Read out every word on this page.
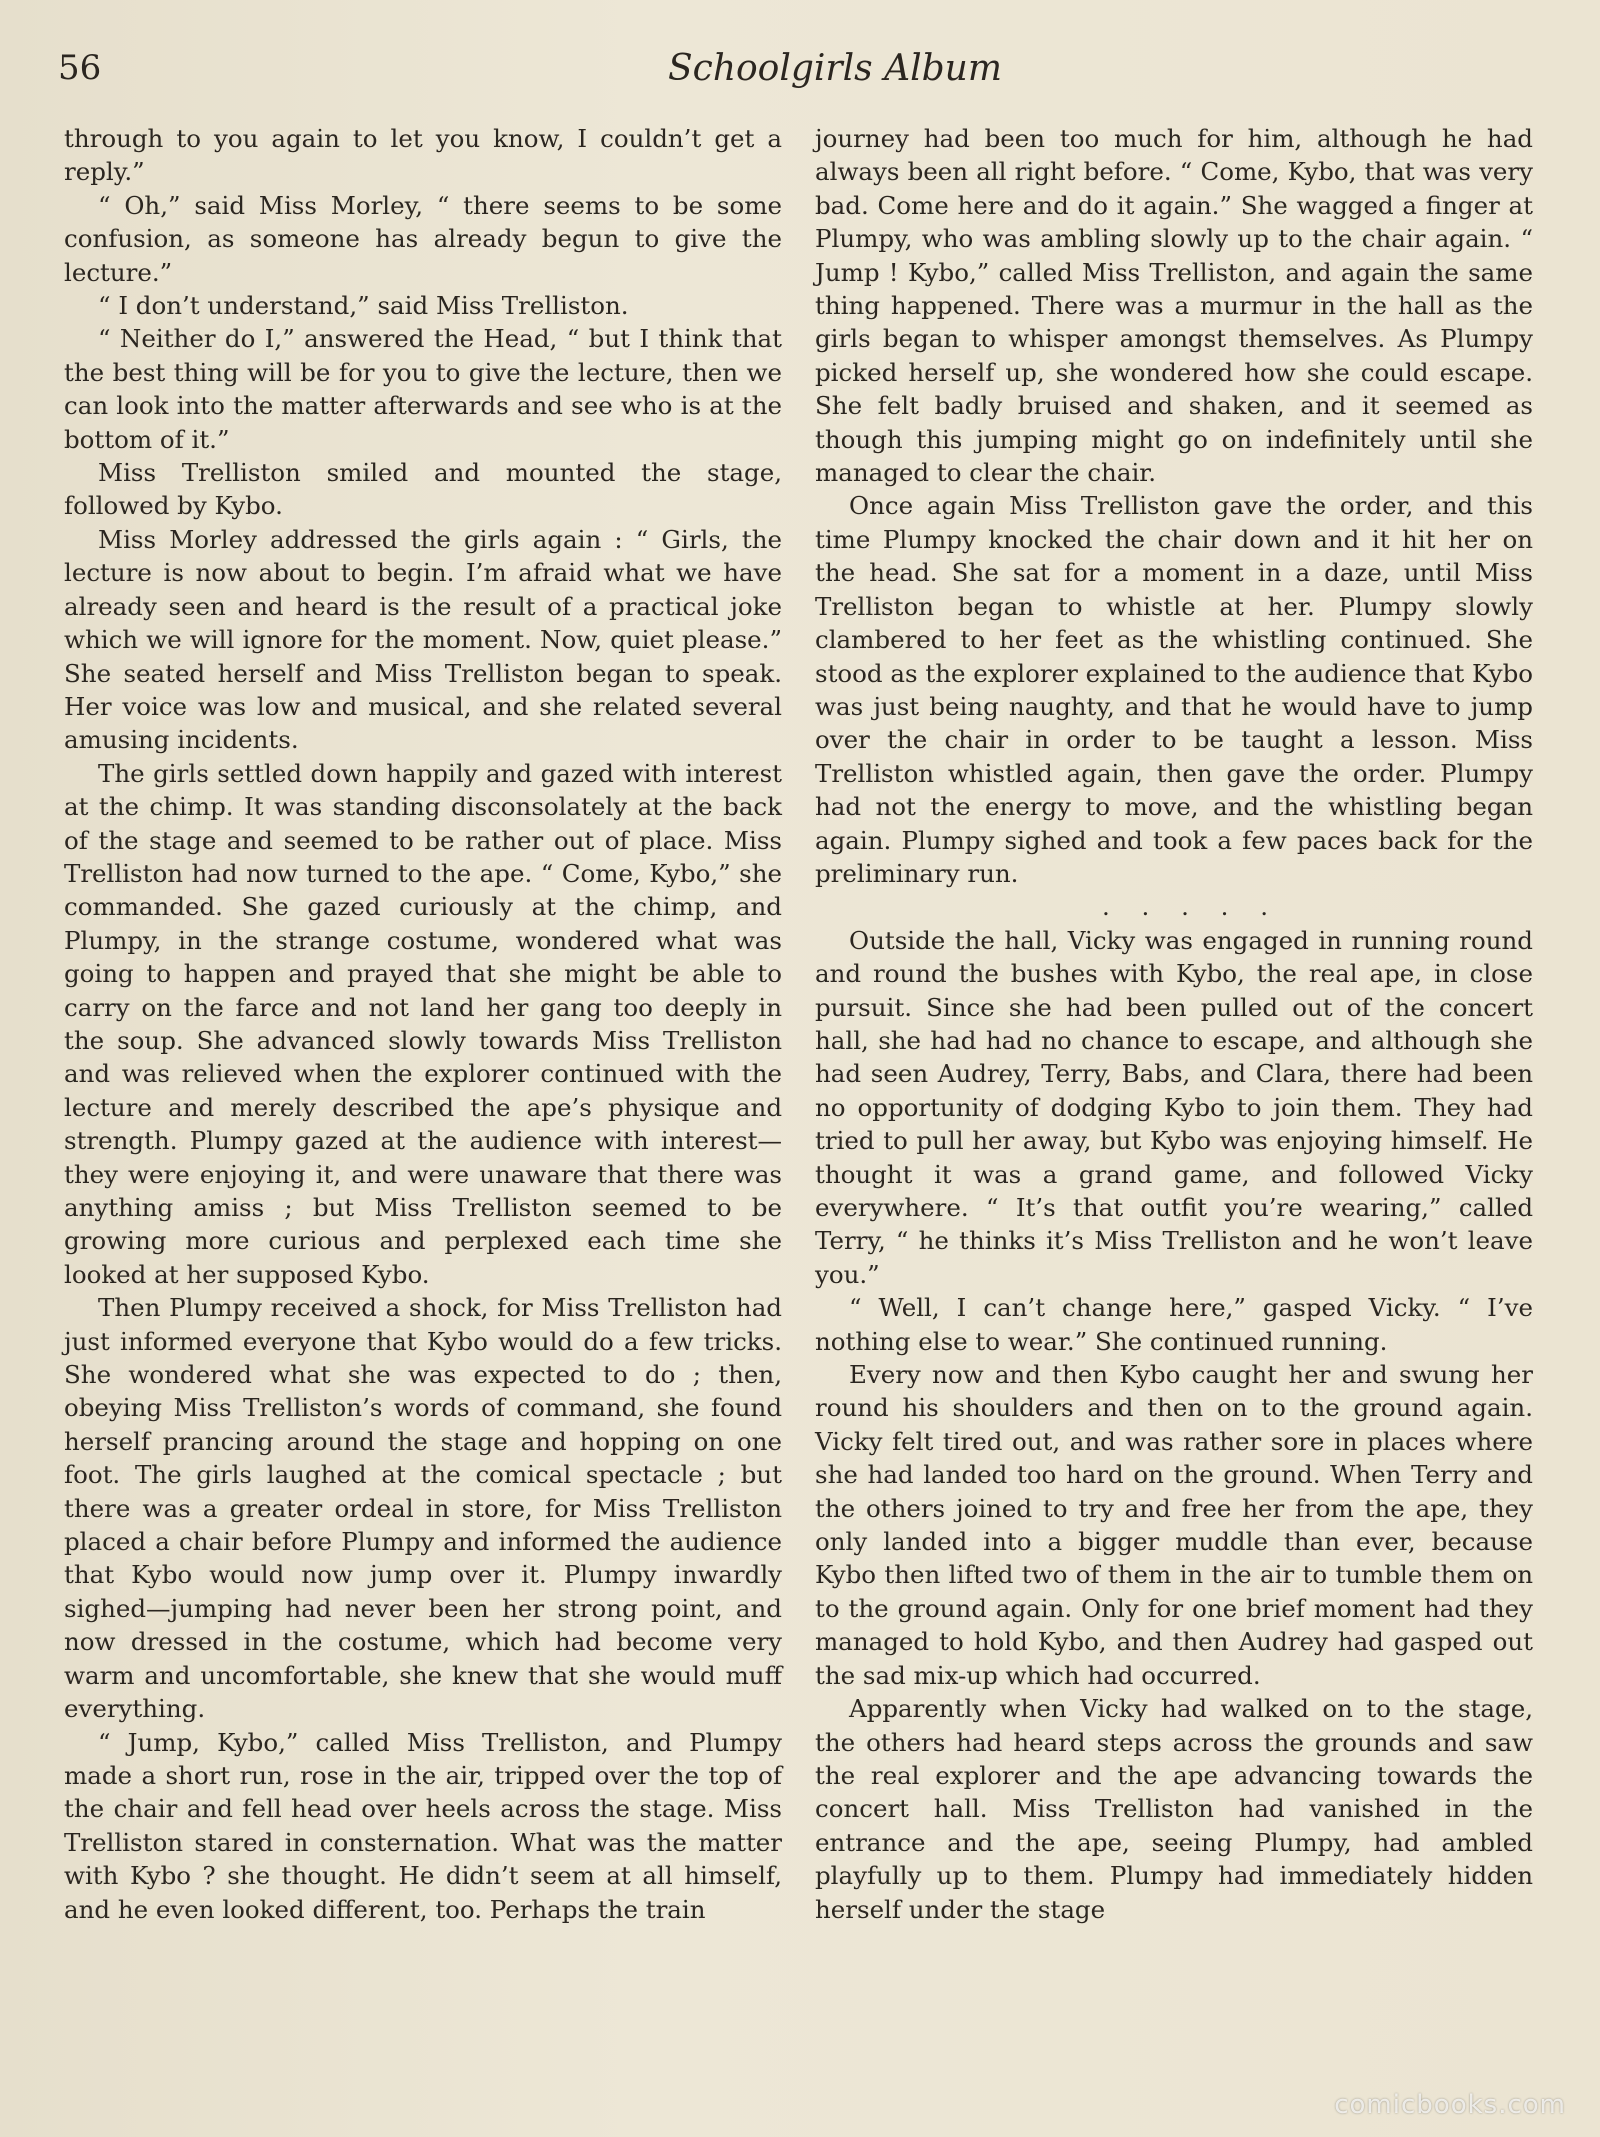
56	Schoolgirls Album

through to you again to let you know, I couldn’t get a reply.”

“ Oh,” said Miss Morley, “ there seems to be some confusion, as someone has already begun to give the lecture.”

“ I don’t understand,” said Miss Trelliston.

“ Neither do I,” answered the Head, “ but I think that the best thing will be for you to give the lecture, then we can look into the matter afterwards and see who is at the bottom of it.”

Miss Trelliston smiled and mounted the stage, followed by Kybo.

Miss Morley addressed the girls again : “ Girls, the lecture is now about to begin. I’m afraid what we have already seen and heard is the result of a practical joke which we will ignore for the moment. Now, quiet please.” She seated herself and Miss Trelliston began to speak. Her voice was low and musical, and she related several amusing incidents.

The girls settled down happily and gazed with interest at the chimp. It was standing disconsolately at the back of the stage and seemed to be rather out of place. Miss Trelliston had now turned to the ape. “ Come, Kybo,” she commanded. She gazed curiously at the chimp, and Plumpy, in the strange costume, wondered what was going to happen and prayed that she might be able to carry on the farce and not land her gang too deeply in the soup. She advanced slowly towards Miss Trelliston and was relieved when the explorer continued with the lecture and merely described the ape’s physique and strength. Plumpy gazed at the audience with interest—they were enjoying it, and were unaware that there was anything amiss ; but Miss Trelliston seemed to be growing more curious and perplexed each time she looked at her supposed Kybo.

Then Plumpy received a shock, for Miss Trelliston had just informed everyone that Kybo would do a few tricks. She wondered what she was expected to do ; then, obeying Miss Trelliston’s words of command, she found herself prancing around the stage and hopping on one foot. The girls laughed at the comical spectacle ; but there was a greater ordeal in store, for Miss Trelliston placed a chair before Plumpy and informed the audience that Kybo would now jump over it. Plumpy inwardly sighed—jumping had never been her strong point, and now dressed in the costume, which had become very warm and uncomfortable, she knew that she would muff everything.

“ Jump, Kybo,” called Miss Trelliston, and Plumpy made a short run, rose in the air, tripped over the top of the chair and fell head over heels across the stage. Miss Trelliston stared in consternation. What was the matter with Kybo ? she thought. He didn’t seem at all himself, and he even looked different, too. Perhaps the train

journey had been too much for him, although he had always been all right before. “ Come, Kybo, that was very bad. Come here and do it again.” She wagged a finger at Plumpy, who was ambling slowly up to the chair again. “ Jump ! Kybo,” called Miss Trelliston, and again the same thing happened. There was a murmur in the hall as the girls began to whisper amongst themselves. As Plumpy picked herself up, she wondered how she could escape. She felt badly bruised and shaken, and it seemed as though this jumping might go on indefinitely until she managed to clear the chair.

Once again Miss Trelliston gave the order, and this time Plumpy knocked the chair down and it hit her on the head. She sat for a moment in a daze, until Miss Trelliston began to whistle at her. Plumpy slowly clambered to her feet as the whistling continued. She stood as the explorer explained to the audience that Kybo was just being naughty, and that he would have to jump over the chair in order to be taught a lesson. Miss Trelliston whistled again, then gave the order. Plumpy had not the energy to move, and the whistling began again. Plumpy sighed and took a few paces back for the preliminary run.

. . . . .

Outside the hall, Vicky was engaged in running round and round the bushes with Kybo, the real ape, in close pursuit. Since she had been pulled out of the concert hall, she had had no chance to escape, and although she had seen Audrey, Terry, Babs, and Clara, there had been no opportunity of dodging Kybo to join them. They had tried to pull her away, but Kybo was enjoying himself. He thought it was a grand game, and followed Vicky everywhere. “ It’s that outfit you’re wearing,” called Terry, “ he thinks it’s Miss Trelliston and he won’t leave you.”

“ Well, I can’t change here,” gasped Vicky. “ I’ve nothing else to wear.” She continued running.

Every now and then Kybo caught her and swung her round his shoulders and then on to the ground again. Vicky felt tired out, and was rather sore in places where she had landed too hard on the ground. When Terry and the others joined to try and free her from the ape, they only landed into a bigger muddle than ever, because Kybo then lifted two of them in the air to tumble them on to the ground again. Only for one brief moment had they managed to hold Kybo, and then Audrey had gasped out the sad mix-up which had occurred.

Apparently when Vicky had walked on to the stage, the others had heard steps across the grounds and saw the real explorer and the ape advancing towards the concert hall. Miss Trelliston had vanished in the entrance and the ape, seeing Plumpy, had ambled playfully up to them. Plumpy had immediately hidden herself under the stage

comicbooks.com
